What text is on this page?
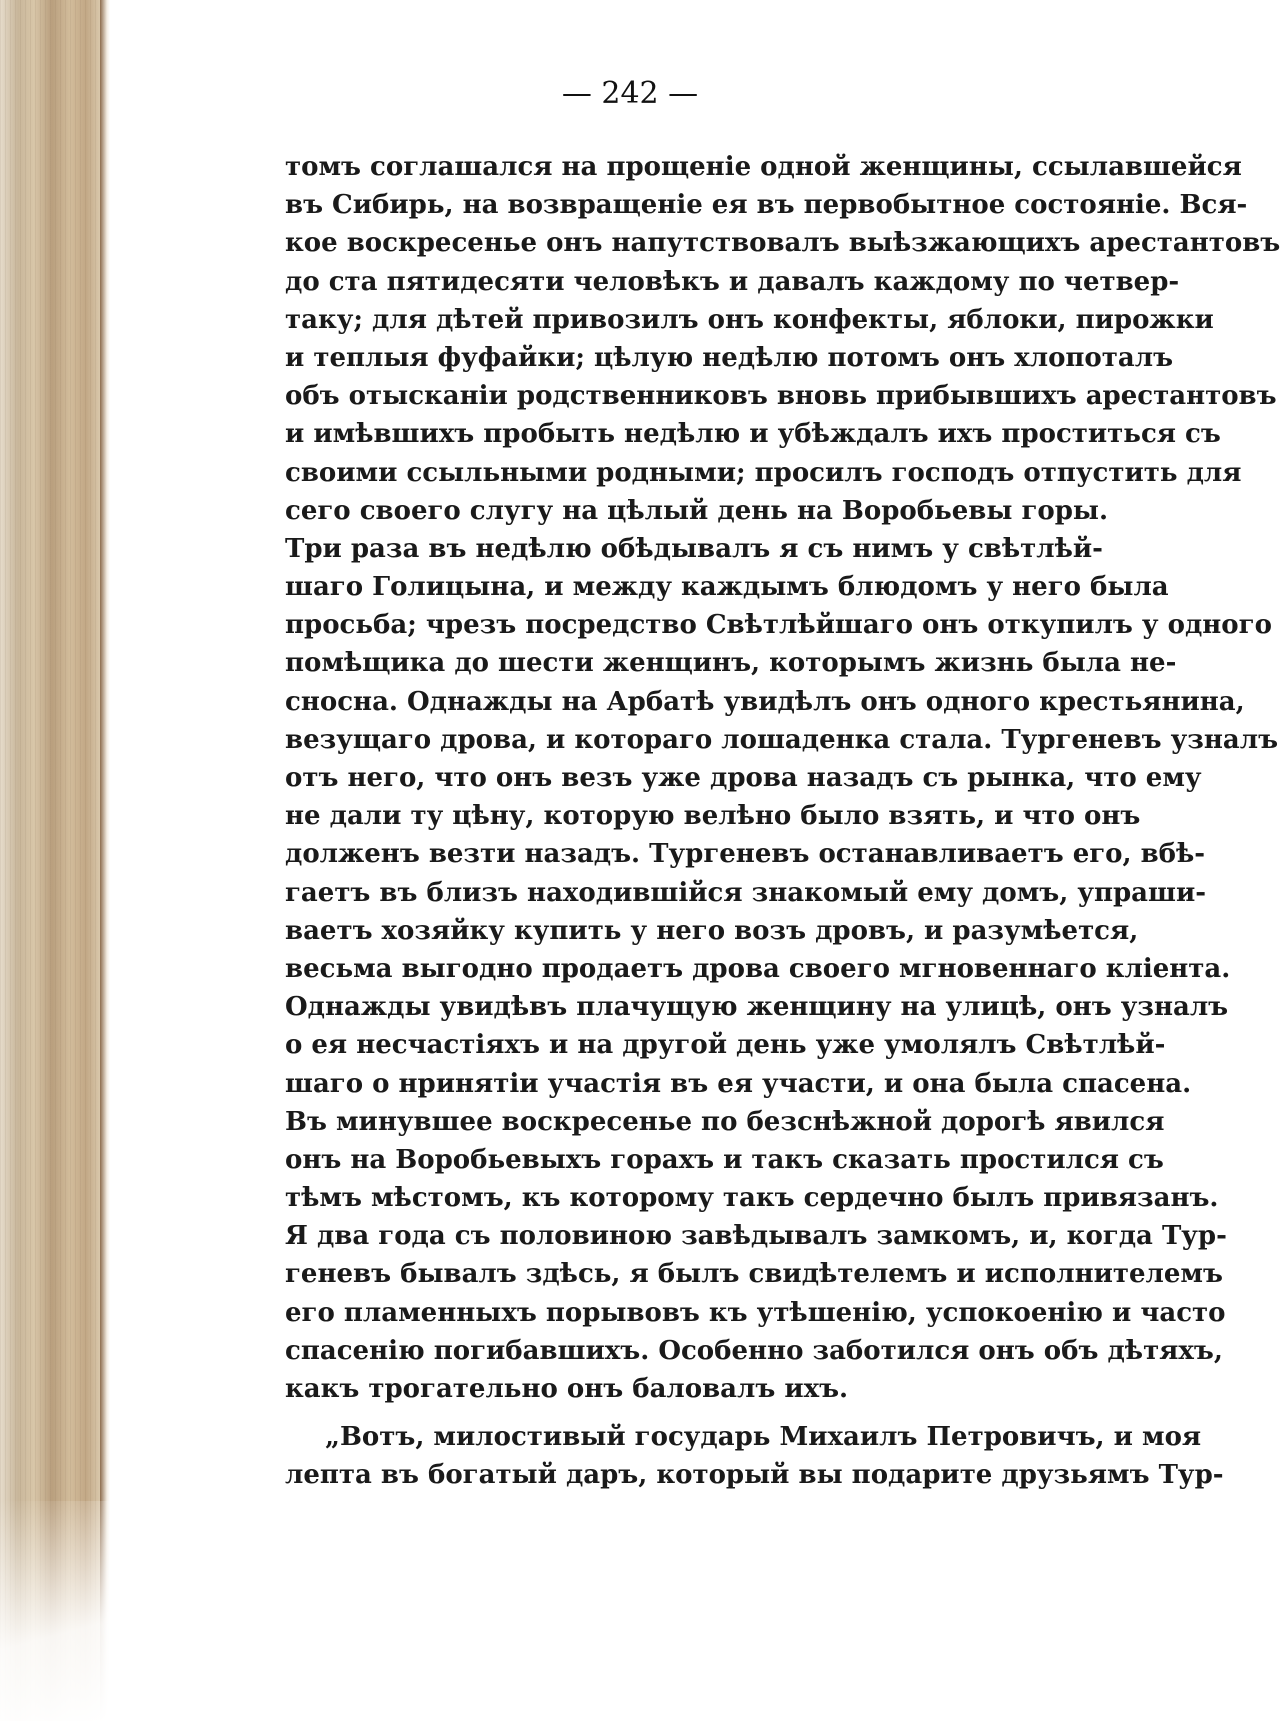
— 242 —
томъ соглашался на прощеніе одной женщины, ссылавшейся
въ Сибирь, на возвращеніе ея въ первобытное состояніе. Вся-
кое воскресенье онъ напутствовалъ выѣзжающихъ арестантовъ
до ста пятидесяти человѣкъ и давалъ каждому по четвер-
таку; для дѣтей привозилъ онъ конфекты, яблоки, пирожки
и теплыя фуфайки; цѣлую недѣлю потомъ онъ хлопоталъ
объ отысканіи родственниковъ вновь прибывшихъ арестантовъ
и имѣвшихъ пробыть недѣлю и убѣждалъ ихъ проститься съ
своими ссыльными родными; просилъ господъ отпустить для
сего своего слугу на цѣлый день на Воробьевы горы.
Три раза въ недѣлю обѣдывалъ я съ нимъ у свѣтлѣй-
шаго Голицына, и между каждымъ блюдомъ у него была
просьба; чрезъ посредство Свѣтлѣйшаго онъ откупилъ у одного
помѣщика до шести женщинъ, которымъ жизнь была не-
сносна. Однажды на Арбатѣ увидѣлъ онъ одного крестьянина,
везущаго дрова, и котораго лошаденка стала. Тургеневъ узналъ
отъ него, что онъ везъ уже дрова назадъ съ рынка, что ему
не дали ту цѣну, которую велѣно было взять, и что онъ
долженъ везти назадъ. Тургеневъ останавливаетъ его, вбѣ-
гаетъ въ близъ находившійся знакомый ему домъ, упраши-
ваетъ хозяйку купить у него возъ дровъ, и разумѣется,
весьма выгодно продаетъ дрова своего мгновеннаго кліента.
Однажды увидѣвъ плачущую женщину на улицѣ, онъ узналъ
о ея несчастіяхъ и на другой день уже умолялъ Свѣтлѣй-
шаго о нринятіи участія въ ея участи, и она была спасена.
Въ минувшее воскресенье по безснѣжной дорогѣ явился
онъ на Воробьевыхъ горахъ и такъ сказать простился съ
тѣмъ мѣстомъ, къ которому такъ сердечно былъ привязанъ.
Я два года съ половиною завѣдывалъ замкомъ, и, когда Тур-
геневъ бывалъ здѣсь, я былъ свидѣтелемъ и исполнителемъ
его пламенныхъ порывовъ къ утѣшенію, успокоенію и часто
спасенію погибавшихъ. Особенно заботился онъ объ дѣтяхъ,
какъ трогательно онъ баловалъ ихъ.
„Вотъ, милостивый государь Михаилъ Петровичъ, и моя
лепта въ богатый даръ, который вы подарите друзьямъ Тур-
